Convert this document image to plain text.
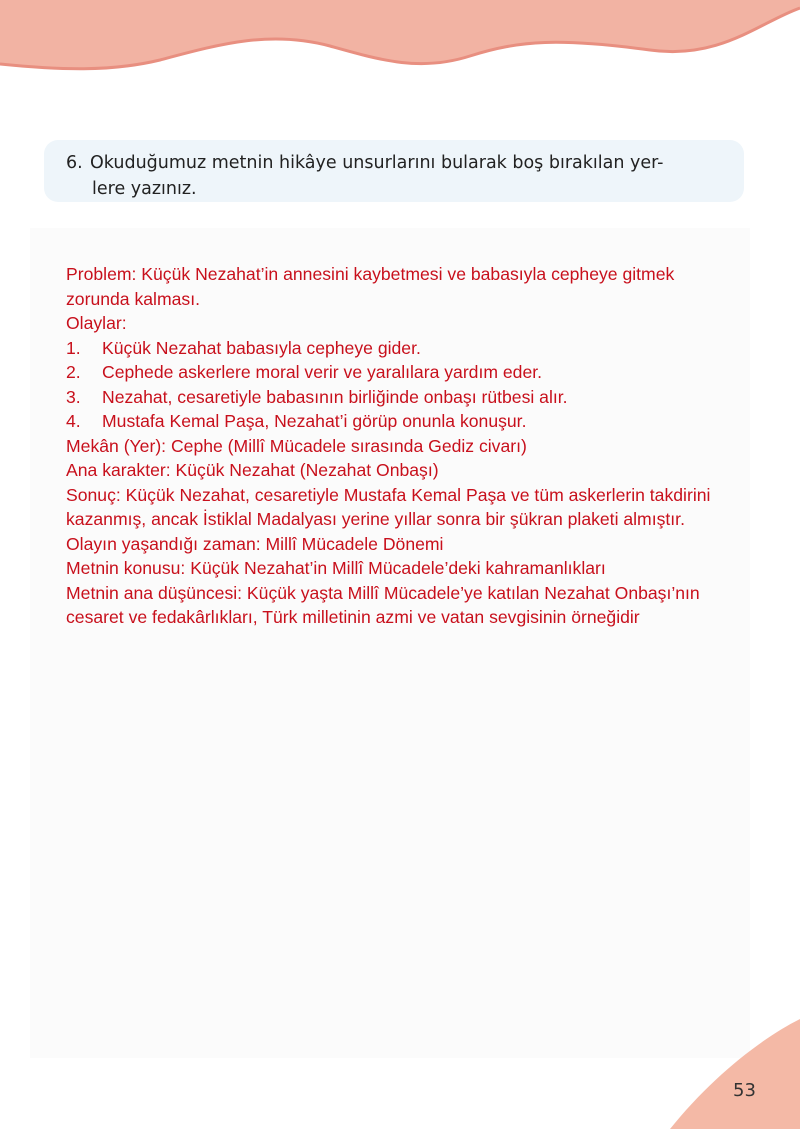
6. Okuduğumuz metnin hikâye unsurlarını bularak boş bırakılan yer-
lere yazınız.
Problem: Küçük Nezahat’in annesini kaybetmesi ve babasıyla cepheye gitmek
zorunda kalması.
Olaylar:
1. Küçük Nezahat babasıyla cepheye gider.
2. Cephede askerlere moral verir ve yaralılara yardım eder.
3. Nezahat, cesaretiyle babasının birliğinde onbaşı rütbesi alır.
4. Mustafa Kemal Paşa, Nezahat’i görüp onunla konuşur.
Mekân (Yer): Cephe (Millî Mücadele sırasında Gediz civarı)
Ana karakter: Küçük Nezahat (Nezahat Onbaşı)
Sonuç: Küçük Nezahat, cesaretiyle Mustafa Kemal Paşa ve tüm askerlerin takdirini
kazanmış, ancak İstiklal Madalyası yerine yıllar sonra bir şükran plaketi almıştır.
Olayın yaşandığı zaman: Millî Mücadele Dönemi
Metnin konusu: Küçük Nezahat’in Millî Mücadele’deki kahramanlıkları
Metnin ana düşüncesi: Küçük yaşta Millî Mücadele’ye katılan Nezahat Onbaşı’nın
cesaret ve fedakârlıkları, Türk milletinin azmi ve vatan sevgisinin örneğidir
53
